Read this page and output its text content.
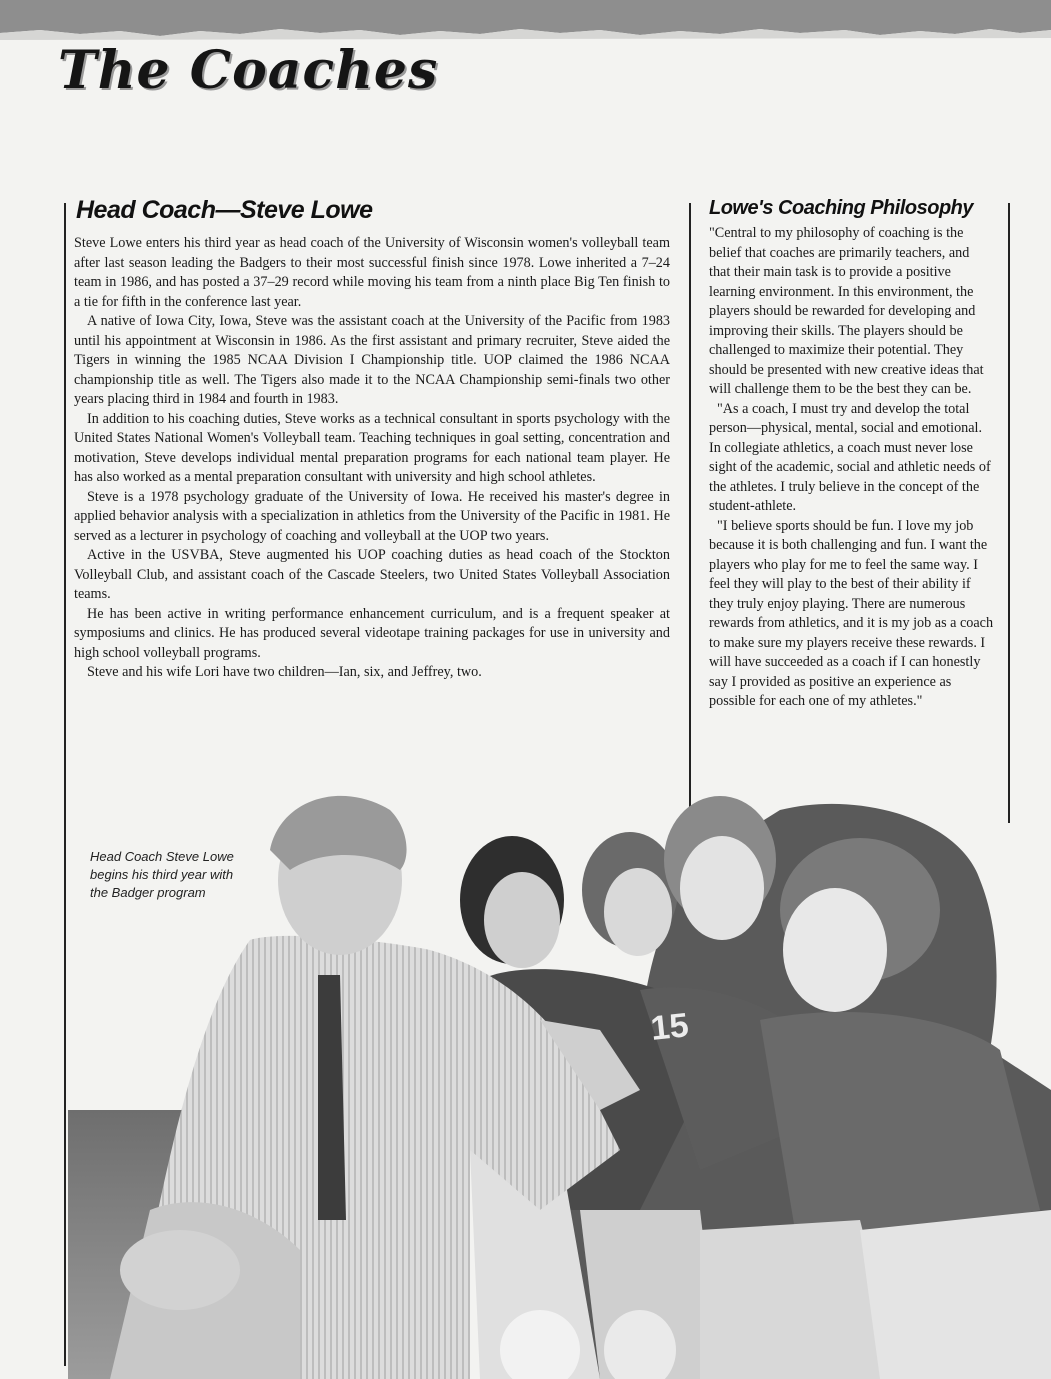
The Coaches
Head Coach—Steve Lowe

Steve Lowe enters his third year as head coach of the University of Wisconsin women's volleyball team after last season leading the Badgers to their most successful finish since 1978. Lowe inherited a 7–24 team in 1986, and has posted a 37–29 record while moving his team from a ninth place Big Ten finish to a tie for fifth in the conference last year.

A native of Iowa City, Iowa, Steve was the assistant coach at the University of the Pacific from 1983 until his appointment at Wisconsin in 1986. As the first assistant and primary recruiter, Steve aided the Tigers in winning the 1985 NCAA Division I Championship title. UOP claimed the 1986 NCAA championship title as well. The Tigers also made it to the NCAA Championship semi-finals two other years placing third in 1984 and fourth in 1983.

In addition to his coaching duties, Steve works as a technical consultant in sports psychology with the United States National Women's Volleyball team. Teaching techniques in goal setting, concentration and motivation, Steve develops individual mental preparation programs for each national team player. He has also worked as a mental preparation consultant with university and high school athletes.

Steve is a 1978 psychology graduate of the University of Iowa. He received his master's degree in applied behavior analysis with a specialization in athletics from the University of the Pacific in 1981. He served as a lecturer in psychology of coaching and volleyball at the UOP two years.

Active in the USVBA, Steve augmented his UOP coaching duties as head coach of the Stockton Volleyball Club, and assistant coach of the Cascade Steelers, two United States Volleyball Association teams.

He has been active in writing performance enhancement curriculum, and is a frequent speaker at symposiums and clinics. He has produced several videotape training packages for use in university and high school volleyball programs.

Steve and his wife Lori have two children—Ian, six, and Jeffrey, two.

Lowe's Coaching Philosophy

"Central to my philosophy of coaching is the belief that coaches are primarily teachers, and that their main task is to provide a positive learning environment. In this environment, the players should be rewarded for developing and improving their skills. The players should be challenged to maximize their potential. They should be presented with new creative ideas that will challenge them to be the best they can be.

"As a coach, I must try and develop the total person—physical, mental, social and emotional. In collegiate athletics, a coach must never lose sight of the academic, social and athletic needs of the athletes. I truly believe in the concept of the student-athlete.

"I believe sports should be fun. I love my job because it is both challenging and fun. I want the players who play for me to feel the same way. I feel they will play to the best of their ability if they truly enjoy playing. There are numerous rewards from athletics, and it is my job as a coach to make sure my players receive these rewards. I will have succeeded as a coach if I can honestly say I provided as positive an experience as possible for each one of my athletes."

15

Head Coach Steve Lowe begins his third year with the Badger program
